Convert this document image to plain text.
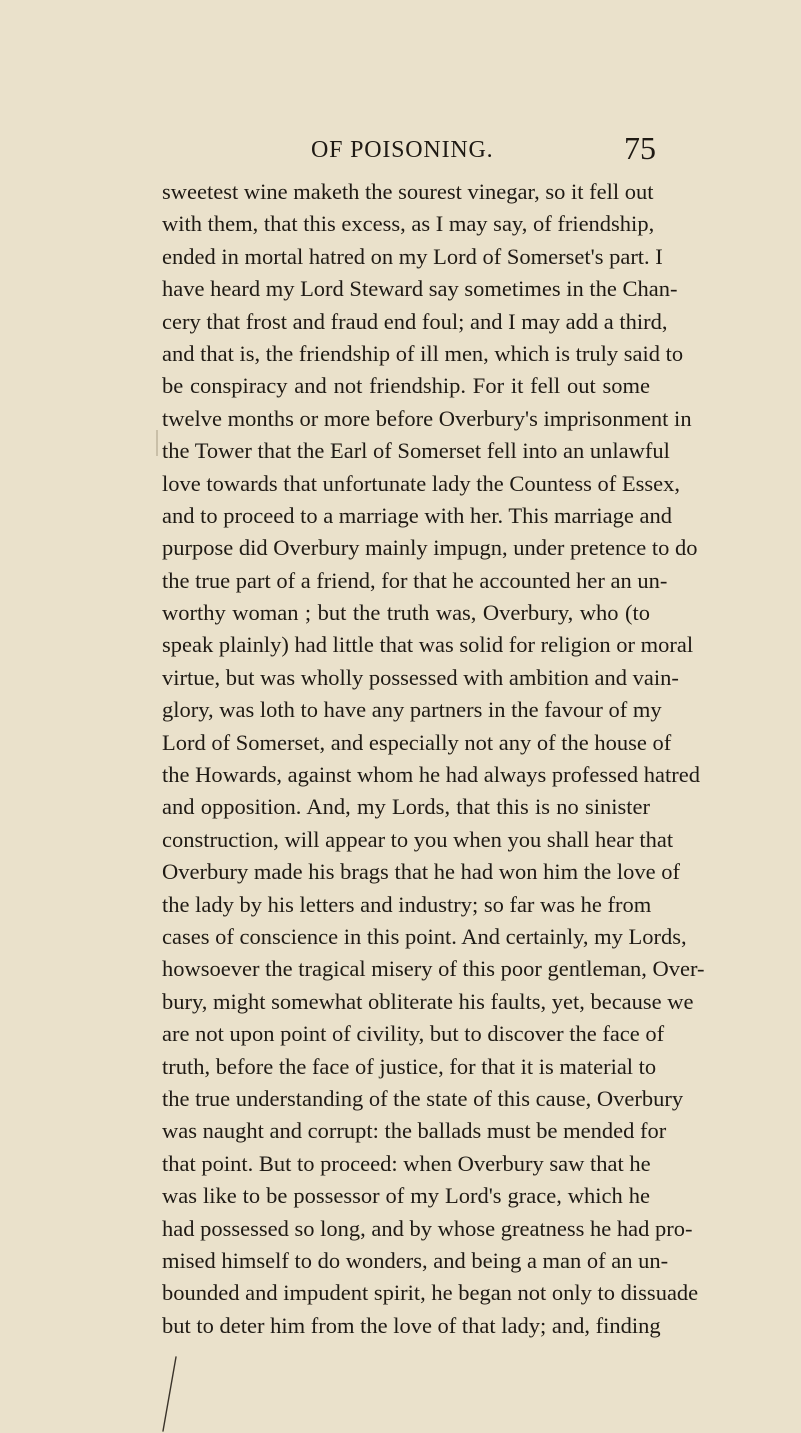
OF POISONING.	75
sweetest wine maketh the sourest vinegar, so it fell out
with them, that this excess, as I may say, of friendship,
ended in mortal hatred on my Lord of Somerset's part. I
have heard my Lord Steward say sometimes in the Chan-
cery that frost and fraud end foul; and I may add a third,
and that is, the friendship of ill men, which is truly said to
be conspiracy and not friendship. For it fell out some
twelve months or more before Overbury's imprisonment in
the Tower that the Earl of Somerset fell into an unlawful
love towards that unfortunate lady the Countess of Essex,
and to proceed to a marriage with her. This marriage and
purpose did Overbury mainly impugn, under pretence to do
the true part of a friend, for that he accounted her an un-
worthy woman ; but the truth was, Overbury, who (to
speak plainly) had little that was solid for religion or moral
virtue, but was wholly possessed with ambition and vain-
glory, was loth to have any partners in the favour of my
Lord of Somerset, and especially not any of the house of
the Howards, against whom he had always professed hatred
and opposition. And, my Lords, that this is no sinister
construction, will appear to you when you shall hear that
Overbury made his brags that he had won him the love of
the lady by his letters and industry; so far was he from
cases of conscience in this point. And certainly, my Lords,
howsoever the tragical misery of this poor gentleman, Over-
bury, might somewhat obliterate his faults, yet, because we
are not upon point of civility, but to discover the face of
truth, before the face of justice, for that it is material to
the true understanding of the state of this cause, Overbury
was naught and corrupt: the ballads must be mended for
that point. But to proceed: when Overbury saw that he
was like to be possessor of my Lord's grace, which he
had possessed so long, and by whose greatness he had pro-
mised himself to do wonders, and being a man of an un-
bounded and impudent spirit, he began not only to dissuade
but to deter him from the love of that lady; and, finding
